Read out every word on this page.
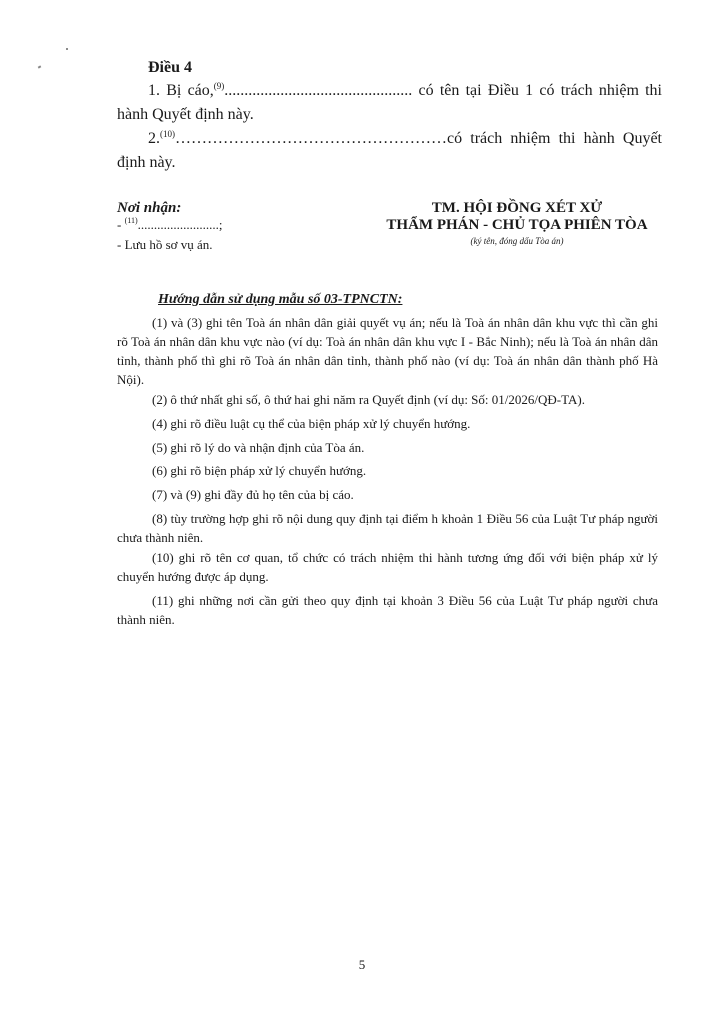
Điều 4
1. Bị cáo,$^{(9)}$............................................... có tên tại Điều 1 có trách nhiệm thi hành Quyết định này.
2.$^{(10)}$……………………………………………có trách nhiệm thi hành Quyết định này.
Nơi nhận:
- $^{(11)}$.........................;
- Lưu hồ sơ vụ án.
TM. HỘI ĐỒNG XÉT XỬ
THẨM PHÁN - CHỦ TỌA PHIÊN TÒA
(ký tên, đóng dấu Tòa án)
Hướng dẫn sử dụng mẫu số 03-TPNCTN:
(1) và (3) ghi tên Toà án nhân dân giải quyết vụ án; nếu là Toà án nhân dân khu vực thì cần ghi rõ Toà án nhân dân khu vực nào (ví dụ: Toà án nhân dân khu vực I - Bắc Ninh); nếu là Toà án nhân dân tỉnh, thành phố thì ghi rõ Toà án nhân dân tỉnh, thành phố nào (ví dụ: Toà án nhân dân thành phố Hà Nội).
(2) ô thứ nhất ghi số, ô thứ hai ghi năm ra Quyết định (ví dụ: Số: 01/2026/QĐ-TA).
(4) ghi rõ điều luật cụ thể của biện pháp xử lý chuyển hướng.
(5) ghi rõ lý do và nhận định của Tòa án.
(6) ghi rõ biện pháp xử lý chuyển hướng.
(7) và (9) ghi đầy đủ họ tên của bị cáo.
(8) tùy trường hợp ghi rõ nội dung quy định tại điểm h khoản 1 Điều 56 của Luật Tư pháp người chưa thành niên.
(10) ghi rõ tên cơ quan, tổ chức có trách nhiệm thi hành tương ứng đối với biện pháp xử lý chuyển hướng được áp dụng.
(11) ghi những nơi cần gửi theo quy định tại khoản 3 Điều 56 của Luật Tư pháp người chưa thành niên.
5
